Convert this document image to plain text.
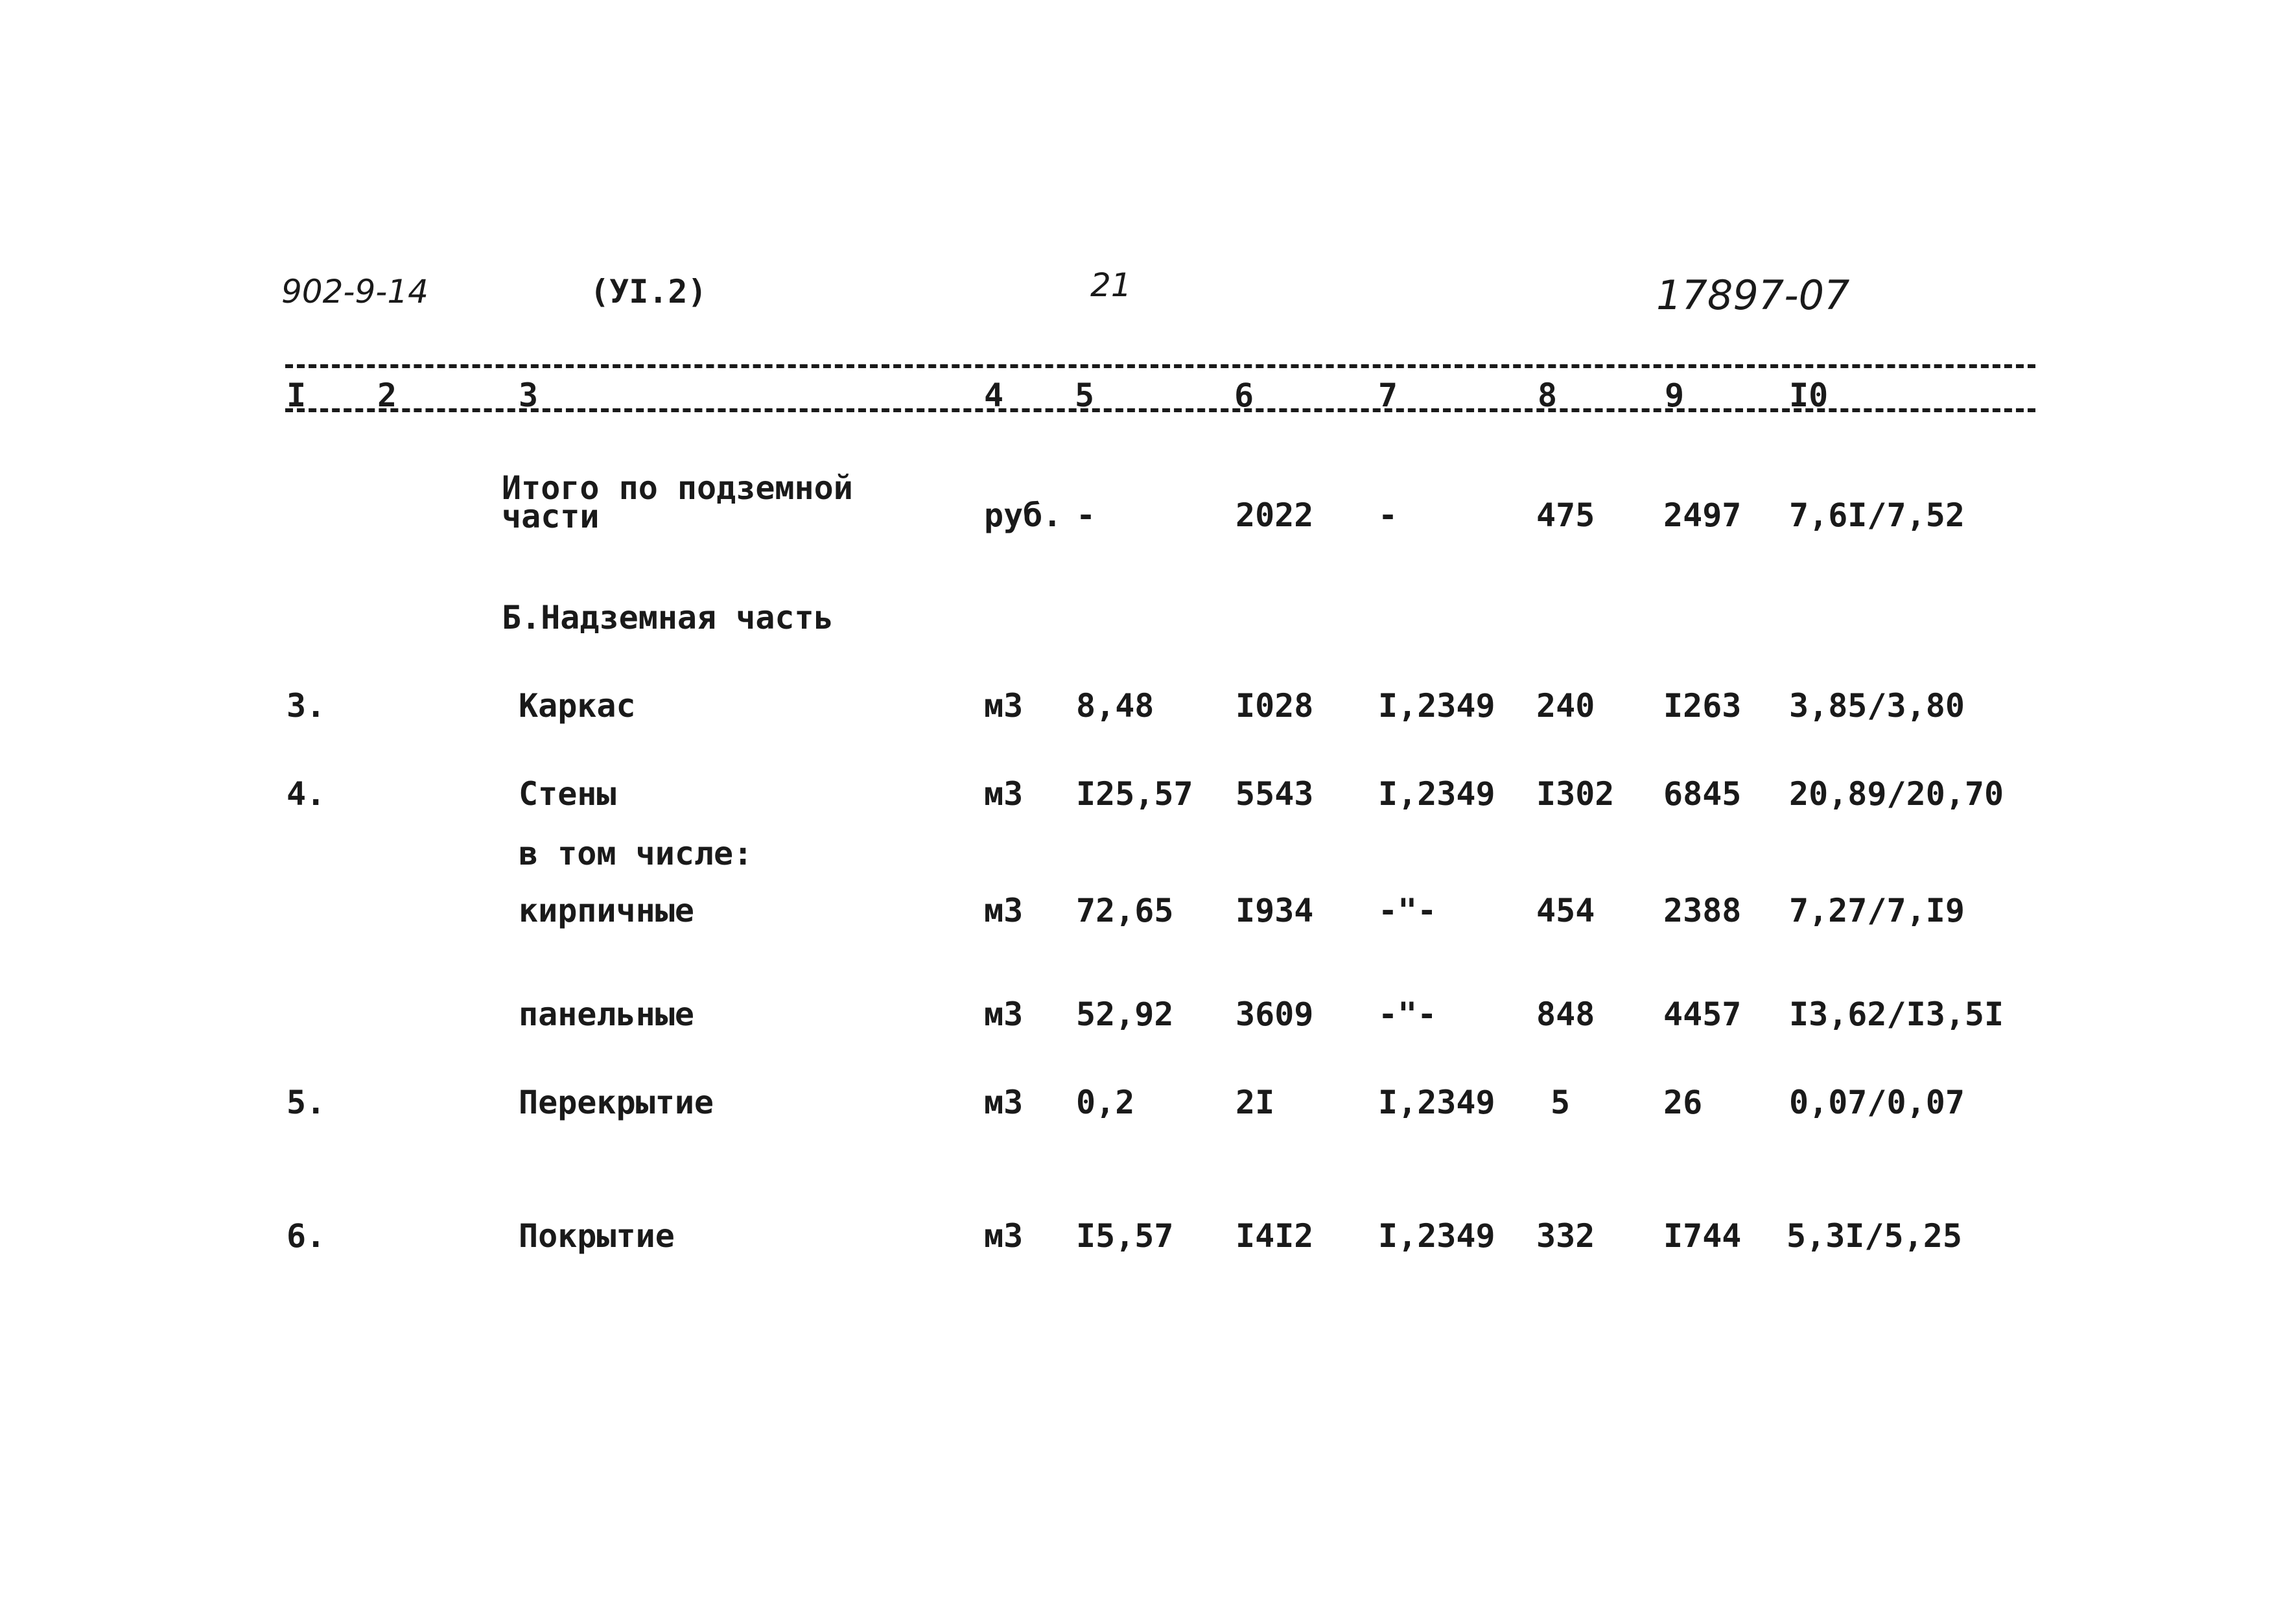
902-9-14	(УI.2)	21	17897-07
I 2	3	4 5	6	7	8	9	I0
Итого по подземной
части	руб. -	2022 -	475 2497 7,6I/7,52
Б.Надземная часть
3.	Каркас	м3 8,48	I028 I,2349 240 I263 3,85/3,80
4.	Стены	м3 I25,57 5543 I,2349 I302 6845 20,89/20,70
в том числе:
кирпичные	м3 72,65 I934 -"-	454 2388 7,27/7,I9
панельные	м3 52,92 3609 -"-	848 4457 I3,62/I3,5I
5.	Перекрытие	м3 0,2	2I	I,2349 5	26	0,07/0,07
6.	Покрытие	м3 I5,57 I4I2 I,2349 332 I744 5,3I/5,25
